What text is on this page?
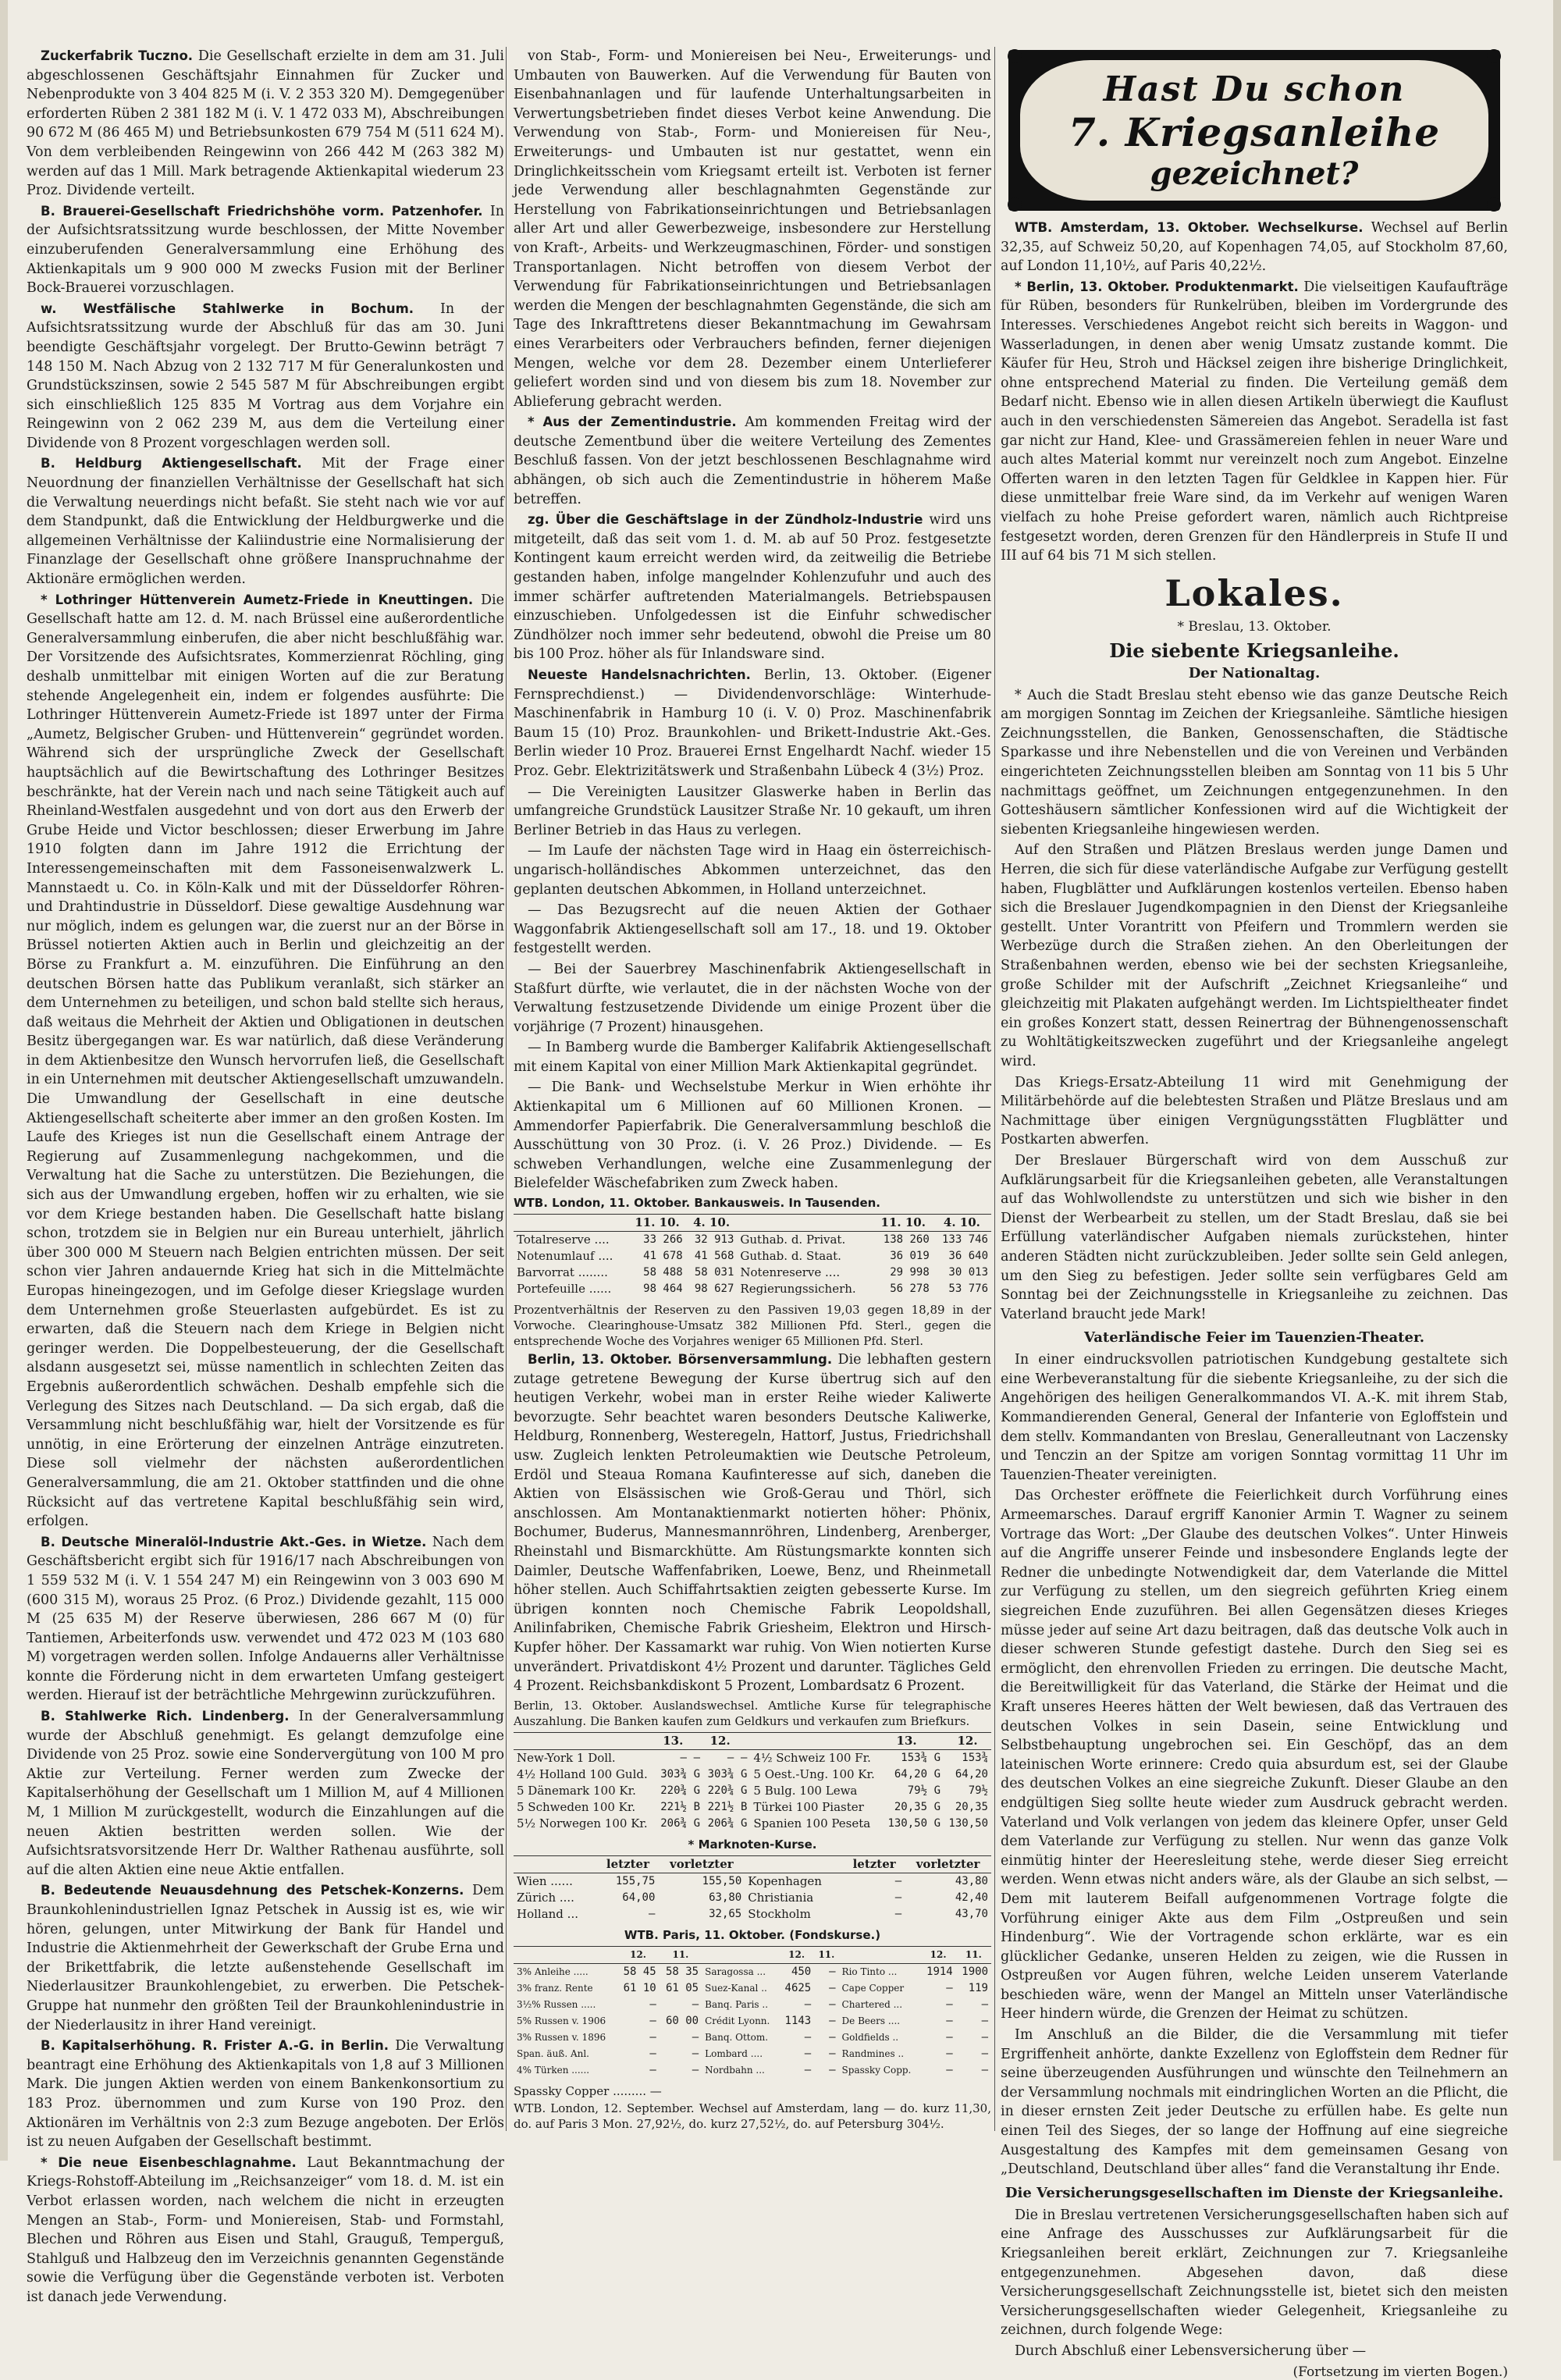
Zuckerfabrik Tuczno. Die Gesellschaft erzielte in dem am 31. Juli abgeschlossenen Geschäftsjahr Einnahmen für Zucker und Nebenprodukte von 3 404 825 M (i. V. 2 353 320 M). Demgegenüber erforderten Rüben 2 381 182 M (i. V. 1 472 033 M), Abschreibungen 90 672 M (86 465 M) und Betriebsunkosten 679 754 M (511 624 M). Von dem verbleibenden Reingewinn von 266 442 M (263 382 M) werden auf das 1 Mill. Mark betragende Aktienkapital wiederum 23 Proz. Dividende verteilt.

B. Brauerei-Gesellschaft Friedrichshöhe vorm. Patzenhofer. In der Aufsichtsratssitzung wurde beschlossen, der Mitte November einzuberufenden Generalversammlung eine Erhöhung des Aktienkapitals um 9 900 000 M zwecks Fusion mit der Berliner Bock-Brauerei vorzuschlagen.

w. Westfälische Stahlwerke in Bochum. In der Aufsichtsratssitzung wurde der Abschluß für das am 30. Juni beendigte Geschäftsjahr vorgelegt. Der Brutto-Gewinn beträgt 7 148 150 M. Nach Abzug von 2 132 717 M für Generalunkosten und Grundstückszinsen, sowie 2 545 587 M für Abschreibungen ergibt sich einschließlich 125 835 M Vortrag aus dem Vorjahre ein Reingewinn von 2 062 239 M, aus dem die Verteilung einer Dividende von 8 Prozent vorgeschlagen werden soll.

B. Heldburg Aktiengesellschaft. Mit der Frage einer Neuordnung der finanziellen Verhältnisse der Gesellschaft hat sich die Verwaltung neuerdings nicht befaßt. Sie steht nach wie vor auf dem Standpunkt, daß die Entwicklung der Heldburgwerke und die allgemeinen Verhältnisse der Kaliindustrie eine Normalisierung der Finanzlage der Gesellschaft ohne größere Inanspruchnahme der Aktionäre ermöglichen werden.

* Lothringer Hüttenverein Aumetz-Friede in Kneuttingen. Die Gesellschaft hatte am 12. d. M. nach Brüssel eine außerordentliche Generalversammlung einberufen, die aber nicht beschlußfähig war. Der Vorsitzende des Aufsichtsrates, Kommerzienrat Röchling, ging deshalb unmittelbar mit einigen Worten auf die zur Beratung stehende Angelegenheit ein, indem er folgendes ausführte: Die Lothringer Hüttenverein Aumetz-Friede ist 1897 unter der Firma „Aumetz, Belgischer Gruben- und Hüttenverein“ gegründet worden. Während sich der ursprüngliche Zweck der Gesellschaft hauptsächlich auf die Bewirtschaftung des Lothringer Besitzes beschränkte, hat der Verein nach und nach seine Tätigkeit auch auf Rheinland-Westfalen ausgedehnt und von dort aus den Erwerb der Grube Heide und Victor beschlossen; dieser Erwerbung im Jahre 1910 folgten dann im Jahre 1912 die Errichtung der Interessengemeinschaften mit dem Fassoneisenwalzwerk L. Mannstaedt u. Co. in Köln-Kalk und mit der Düsseldorfer Röhren- und Drahtindustrie in Düsseldorf. Diese gewaltige Ausdehnung war nur möglich, indem es gelungen war, die zuerst nur an der Börse in Brüssel notierten Aktien auch in Berlin und gleichzeitig an der Börse zu Frankfurt a. M. einzuführen. Die Einführung an den deutschen Börsen hatte das Publikum veranlaßt, sich stärker an dem Unternehmen zu beteiligen, und schon bald stellte sich heraus, daß weitaus die Mehrheit der Aktien und Obligationen in deutschen Besitz übergegangen war. Es war natürlich, daß diese Veränderung in dem Aktienbesitze den Wunsch hervorrufen ließ, die Gesellschaft in ein Unternehmen mit deutscher Aktiengesellschaft umzuwandeln. Die Umwandlung der Gesellschaft in eine deutsche Aktiengesellschaft scheiterte aber immer an den großen Kosten. Im Laufe des Krieges ist nun die Gesellschaft einem Antrage der Regierung auf Zusammenlegung nachgekommen, und die Verwaltung hat die Sache zu unterstützen. Die Beziehungen, die sich aus der Umwandlung ergeben, hoffen wir zu erhalten, wie sie vor dem Kriege bestanden haben. Die Gesellschaft hatte bislang schon, trotzdem sie in Belgien nur ein Bureau unterhielt, jährlich über 300 000 M Steuern nach Belgien entrichten müssen. Der seit schon vier Jahren andauernde Krieg hat sich in die Mittelmächte Europas hineingezogen, und im Gefolge dieser Kriegslage wurden dem Unternehmen große Steuerlasten aufgebürdet. Es ist zu erwarten, daß die Steuern nach dem Kriege in Belgien nicht geringer werden. Die Doppelbesteuerung, der die Gesellschaft alsdann ausgesetzt sei, müsse namentlich in schlechten Zeiten das Ergebnis außerordentlich schwächen. Deshalb empfehle sich die Verlegung des Sitzes nach Deutschland. — Da sich ergab, daß die Versammlung nicht beschlußfähig war, hielt der Vorsitzende es für unnötig, in eine Erörterung der einzelnen Anträge einzutreten. Diese soll vielmehr der nächsten außerordentlichen Generalversammlung, die am 21. Oktober stattfinden und die ohne Rücksicht auf das vertretene Kapital beschlußfähig sein wird, erfolgen.

B. Deutsche Mineralöl-Industrie Akt.-Ges. in Wietze. Nach dem Geschäftsbericht ergibt sich für 1916/17 nach Abschreibungen von 1 559 532 M (i. V. 1 554 247 M) ein Reingewinn von 3 003 690 M (600 315 M), woraus 25 Proz. (6 Proz.) Dividende gezahlt, 115 000 M (25 635 M) der Reserve überwiesen, 286 667 M (0) für Tantiemen, Arbeiterfonds usw. verwendet und 472 023 M (103 680 M) vorgetragen werden sollen. Infolge Andauerns aller Verhältnisse konnte die Förderung nicht in dem erwarteten Umfang gesteigert werden. Hierauf ist der beträchtliche Mehrgewinn zurückzuführen.

B. Stahlwerke Rich. Lindenberg. In der Generalversammlung wurde der Abschluß genehmigt. Es gelangt demzufolge eine Dividende von 25 Proz. sowie eine Sondervergütung von 100 M pro Aktie zur Verteilung. Ferner werden zum Zwecke der Kapitalserhöhung der Gesellschaft um 1 Million M, auf 4 Millionen M, 1 Million M zurückgestellt, wodurch die Einzahlungen auf die neuen Aktien bestritten werden sollen. Wie der Aufsichtsratsvorsitzende Herr Dr. Walther Rathenau ausführte, soll auf die alten Aktien eine neue Aktie entfallen.

B. Bedeutende Neuausdehnung des Petschek-Konzerns. Dem Braunkohlenindustriellen Ignaz Petschek in Aussig ist es, wie wir hören, gelungen, unter Mitwirkung der Bank für Handel und Industrie die Aktienmehrheit der Gewerkschaft der Grube Erna und der Brikettfabrik, die letzte außenstehende Gesellschaft im Niederlausitzer Braunkohlengebiet, zu erwerben. Die Petschek-Gruppe hat nunmehr den größten Teil der Braunkohlenindustrie in der Niederlausitz in ihrer Hand vereinigt.

B. Kapitalserhöhung. R. Frister A.-G. in Berlin. Die Verwaltung beantragt eine Erhöhung des Aktienkapitals von 1,8 auf 3 Millionen Mark. Die jungen Aktien werden von einem Bankenkonsortium zu 183 Proz. übernommen und zum Kurse von 190 Proz. den Aktionären im Verhältnis von 2:3 zum Bezuge angeboten. Der Erlös ist zu neuen Aufgaben der Gesellschaft bestimmt.

* Die neue Eisenbeschlagnahme. Laut Bekanntmachung der Kriegs-Rohstoff-Abteilung im „Reichsanzeiger“ vom 18. d. M. ist ein Verbot erlassen worden, nach welchem die nicht in erzeugten Mengen an Stab-, Form- und Moniereisen, Stab- und Formstahl, Blechen und Röhren aus Eisen und Stahl, Grauguß, Temperguß, Stahlguß und Halbzeug den im Verzeichnis genannten Gegenstände sowie die Verfügung über die Gegenstände verboten ist. Verboten ist danach jede Verwendung.

von Stab-, Form- und Moniereisen bei Neu-, Erweiterungs- und Umbauten von Bauwerken. Auf die Verwendung für Bauten von Eisenbahnanlagen und für laufende Unterhaltungsarbeiten in Verwertungsbetrieben findet dieses Verbot keine Anwendung. Die Verwendung von Stab-, Form- und Moniereisen für Neu-, Erweiterungs- und Umbauten ist nur gestattet, wenn ein Dringlichkeitsschein vom Kriegsamt erteilt ist. Verboten ist ferner jede Verwendung aller beschlagnahmten Gegenstände zur Herstellung von Fabrikationseinrichtungen und Betriebsanlagen aller Art und aller Gewerbezweige, insbesondere zur Herstellung von Kraft-, Arbeits- und Werkzeugmaschinen, Förder- und sonstigen Transportanlagen. Nicht betroffen von diesem Verbot der Verwendung für Fabrikationseinrichtungen und Betriebsanlagen werden die Mengen der beschlagnahmten Gegenstände, die sich am Tage des Inkrafttretens dieser Bekanntmachung im Gewahrsam eines Verarbeiters oder Verbrauchers befinden, ferner diejenigen Mengen, welche vor dem 28. Dezember einem Unterlieferer geliefert worden sind und von diesem bis zum 18. November zur Ablieferung gebracht werden.

* Aus der Zementindustrie. Am kommenden Freitag wird der deutsche Zementbund über die weitere Verteilung des Zementes Beschluß fassen. Von der jetzt beschlossenen Beschlagnahme wird abhängen, ob sich auch die Zementindustrie in höherem Maße betreffen.

zg. Über die Geschäftslage in der Zündholz-Industrie wird uns mitgeteilt, daß das seit vom 1. d. M. ab auf 50 Proz. festgesetzte Kontingent kaum erreicht werden wird, da zeitweilig die Betriebe gestanden haben, infolge mangelnder Kohlenzufuhr und auch des immer schärfer auftretenden Materialmangels. Betriebspausen einzuschieben. Unfolgedessen ist die Einfuhr schwedischer Zündhölzer noch immer sehr bedeutend, obwohl die Preise um 80 bis 100 Proz. höher als für Inlandsware sind.

Neueste Handelsnachrichten. Berlin, 13. Oktober. (Eigener Fernsprechdienst.) — Dividendenvorschläge: Winterhude-Maschinenfabrik in Hamburg 10 (i. V. 0) Proz. Maschinenfabrik Baum 15 (10) Proz. Braunkohlen- und Brikett-Industrie Akt.-Ges. Berlin wieder 10 Proz. Brauerei Ernst Engelhardt Nachf. wieder 15 Proz. Gebr. Elektrizitätswerk und Straßenbahn Lübeck 4 (3½) Proz.

— Die Vereinigten Lausitzer Glaswerke haben in Berlin das umfangreiche Grundstück Lausitzer Straße Nr. 10 gekauft, um ihren Berliner Betrieb in das Haus zu verlegen.

— Im Laufe der nächsten Tage wird in Haag ein österreichisch-ungarisch-holländisches Abkommen unterzeichnet, das den geplanten deutschen Abkommen, in Holland unterzeichnet.

— Das Bezugsrecht auf die neuen Aktien der Gothaer Waggonfabrik Aktiengesellschaft soll am 17., 18. und 19. Oktober festgestellt werden.

— Bei der Sauerbrey Maschinenfabrik Aktiengesellschaft in Staßfurt dürfte, wie verlautet, die in der nächsten Woche von der Verwaltung festzusetzende Dividende um einige Prozent über die vorjährige (7 Prozent) hinausgehen.

— In Bamberg wurde die Bamberger Kalifabrik Aktiengesellschaft mit einem Kapital von einer Million Mark Aktienkapital gegründet.

— Die Bank- und Wechselstube Merkur in Wien erhöhte ihr Aktienkapital um 6 Millionen auf 60 Millionen Kronen. — Ammendorfer Papierfabrik. Die Generalversammlung beschloß die Ausschüttung von 30 Proz. (i. V. 26 Proz.) Dividende. — Es schweben Verhandlungen, welche eine Zusammenlegung der Bielefelder Wäschefabriken zum Zweck haben.

WTB. London, 11. Oktober. Bankausweis. In Tausenden.

	11. 10.	4. 10.		11. 10.	4. 10.
Totalreserve ....	33 266	32 913	Guthab. d. Privat.	138 260	133 746
Notenumlauf ....	41 678	41 568	Guthab. d. Staat.	36 019	36 640
Barvorrat ........	58 488	58 031	Notenreserve ....	29 998	30 013
Portefeuille ......	98 464	98 627	Regierungssicherh.	56 278	53 776

Prozentverhältnis der Reserven zu den Passiven 19,03 gegen 18,89 in der Vorwoche. Clearinghouse-Umsatz 382 Millionen Pfd. Sterl., gegen die entsprechende Woche des Vorjahres weniger 65 Millionen Pfd. Sterl.

Berlin, 13. Oktober. Börsenversammlung. Die lebhaften gestern zutage getretene Bewegung der Kurse übertrug sich auf den heutigen Verkehr, wobei man in erster Reihe wieder Kaliwerte bevorzugte. Sehr beachtet waren besonders Deutsche Kaliwerke, Heldburg, Ronnenberg, Westeregeln, Hattorf, Justus, Friedrichshall usw. Zugleich lenkten Petroleumaktien wie Deutsche Petroleum, Erdöl und Steaua Romana Kaufinteresse auf sich, daneben die Aktien von Elsässischen wie Groß-Gerau und Thörl, sich anschlossen. Am Montanaktienmarkt notierten höher: Phönix, Bochumer, Buderus, Mannesmannröhren, Lindenberg, Arenberger, Rheinstahl und Bismarckhütte. Am Rüstungsmarkte konnten sich Daimler, Deutsche Waffenfabriken, Loewe, Benz, und Rheinmetall höher stellen. Auch Schiffahrtsaktien zeigten gebesserte Kurse. Im übrigen konnten noch Chemische Fabrik Leopoldshall, Anilinfabriken, Chemische Fabrik Griesheim, Elektron und Hirsch-Kupfer höher. Der Kassamarkt war ruhig. Von Wien notierten Kurse unverändert. Privatdiskont 4½ Prozent und darunter. Tägliches Geld 4 Prozent. Reichsbankdiskont 5 Prozent, Lombardsatz 6 Prozent.

Berlin, 13. Oktober. Auslandswechsel. Amtliche Kurse für telegraphische Auszahlung. Die Banken kaufen zum Geldkurs und verkaufen zum Briefkurs.

	13.		12.			13.		12.
New-York 1 Doll.	—	—	—	—	4½ Schweiz 100 Fr.	153¾	G	153¾
4½ Holland 100 Guld.	303¾	G	303¾	G	5 Oest.-Ung. 100 Kr.	64,20	G	64,20
5 Dänemark 100 Kr.	220¾	G	220¾	G	5 Bulg. 100 Lewa	79½	G	79½
5 Schweden 100 Kr.	221½	B	221½	B	Türkei 100 Piaster	20,35	G	20,35
5½ Norwegen 100 Kr.	206¾	G	206¾	G	Spanien 100 Peseta	130,50	G	130,50

* Marknoten-Kurse.

	letzter	vorletzter		letzter	vorletzter
Wien ......	155,75	155,50	Kopenhagen	—	43,80
Zürich ....	64,00	63,80	Christiania	—	42,40
Holland ...	—	32,65	Stockholm	—	43,70

WTB. Paris, 11. Oktober. (Fondskurse.)

	12.	11.		12.	11.		12.	11.
3% Anleihe .....	58 45	58 35	Saragossa ...	450	—	Rio Tinto ...	1914	1900
3% franz. Rente	61 10	61 05	Suez-Kanal ..	4625	—	Cape Copper	—	119
3½% Russen .....	—	—	Banq. Paris ..	—	—	Chartered ...	—	—
5% Russen v. 1906	—	60 00	Crédit Lyonn.	1143	—	De Beers ....	—	—
3% Russen v. 1896	—	—	Banq. Ottom.	—	—	Goldfields ..	—	—
Span. äuß. Anl.	—	—	Lombard ....	—	—	Randmines ..	—	—
4% Türken ......	—	—	Nordbahn ...	—	—	Spassky Copp.	—	—

Spassky Copper ......... —

WTB. London, 12. September. Wechsel auf Amsterdam, lang — do. kurz 11,30, do. auf Paris 3 Mon. 27,92½, do. kurz 27,52½, do. auf Petersburg 304½.

Hast Du schon
7. Kriegsanleihe
gezeichnet?

WTB. Amsterdam, 13. Oktober. Wechselkurse. Wechsel auf Berlin 32,35, auf Schweiz 50,20, auf Kopenhagen 74,05, auf Stockholm 87,60, auf London 11,10½, auf Paris 40,22½.

* Berlin, 13. Oktober. Produktenmarkt. Die vielseitigen Kaufaufträge für Rüben, besonders für Runkelrüben, bleiben im Vordergrunde des Interesses. Verschiedenes Angebot reicht sich bereits in Waggon- und Wasserladungen, in denen aber wenig Umsatz zustande kommt. Die Käufer für Heu, Stroh und Häcksel zeigen ihre bisherige Dringlichkeit, ohne entsprechend Material zu finden. Die Verteilung gemäß dem Bedarf nicht. Ebenso wie in allen diesen Artikeln überwiegt die Kauflust auch in den verschiedensten Sämereien das Angebot. Seradella ist fast gar nicht zur Hand, Klee- und Grassämereien fehlen in neuer Ware und auch altes Material kommt nur vereinzelt noch zum Angebot. Einzelne Offerten waren in den letzten Tagen für Geldklee in Kappen hier. Für diese unmittelbar freie Ware sind, da im Verkehr auf wenigen Waren vielfach zu hohe Preise gefordert waren, nämlich auch Richtpreise festgesetzt worden, deren Grenzen für den Händlerpreis in Stufe II und III auf 64 bis 71 M sich stellen.

Lokales.
* Breslau, 13. Oktober.
Die siebente Kriegsanleihe.
Der Nationaltag.

* Auch die Stadt Breslau steht ebenso wie das ganze Deutsche Reich am morgigen Sonntag im Zeichen der Kriegsanleihe. Sämtliche hiesigen Zeichnungsstellen, die Banken, Genossenschaften, die Städtische Sparkasse und ihre Nebenstellen und die von Vereinen und Verbänden eingerichteten Zeichnungsstellen bleiben am Sonntag von 11 bis 5 Uhr nachmittags geöffnet, um Zeichnungen entgegenzunehmen. In den Gotteshäusern sämtlicher Konfessionen wird auf die Wichtigkeit der siebenten Kriegsanleihe hingewiesen werden.

Auf den Straßen und Plätzen Breslaus werden junge Damen und Herren, die sich für diese vaterländische Aufgabe zur Verfügung gestellt haben, Flugblätter und Aufklärungen kostenlos verteilen. Ebenso haben sich die Breslauer Jugendkompagnien in den Dienst der Kriegsanleihe gestellt. Unter Vorantritt von Pfeifern und Trommlern werden sie Werbezüge durch die Straßen ziehen. An den Oberleitungen der Straßenbahnen werden, ebenso wie bei der sechsten Kriegsanleihe, große Schilder mit der Aufschrift „Zeichnet Kriegsanleihe“ und gleichzeitig mit Plakaten aufgehängt werden. Im Lichtspieltheater findet ein großes Konzert statt, dessen Reinertrag der Bühnengenossenschaft zu Wohltätigkeitszwecken zugeführt und der Kriegsanleihe angelegt wird.

Das Kriegs-Ersatz-Abteilung 11 wird mit Genehmigung der Militärbehörde auf die belebtesten Straßen und Plätze Breslaus und am Nachmittage über einigen Vergnügungsstätten Flugblätter und Postkarten abwerfen.

Der Breslauer Bürgerschaft wird von dem Ausschuß zur Aufklärungsarbeit für die Kriegsanleihen gebeten, alle Veranstaltungen auf das Wohlwollendste zu unterstützen und sich wie bisher in den Dienst der Werbearbeit zu stellen, um der Stadt Breslau, daß sie bei Erfüllung vaterländischer Aufgaben niemals zurückstehen, hinter anderen Städten nicht zurückzubleiben. Jeder sollte sein Geld anlegen, um den Sieg zu befestigen. Jeder sollte sein verfügbares Geld am Sonntag bei der Zeichnungsstelle in Kriegsanleihe zu zeichnen. Das Vaterland braucht jede Mark!

Vaterländische Feier im Tauenzien-Theater.

In einer eindrucksvollen patriotischen Kundgebung gestaltete sich eine Werbeveranstaltung für die siebente Kriegsanleihe, zu der sich die Angehörigen des heiligen Generalkommandos VI. A.-K. mit ihrem Stab, Kommandierenden General, General der Infanterie von Egloffstein und dem stellv. Kommandanten von Breslau, Generalleutnant von Laczensky und Tenczin an der Spitze am vorigen Sonntag vormittag 11 Uhr im Tauenzien-Theater vereinigten.

Das Orchester eröffnete die Feierlichkeit durch Vorführung eines Armeemarsches. Darauf ergriff Kanonier Armin T. Wagner zu seinem Vortrage das Wort: „Der Glaube des deutschen Volkes“. Unter Hinweis auf die Angriffe unserer Feinde und insbesondere Englands legte der Redner die unbedingte Notwendigkeit dar, dem Vaterlande die Mittel zur Verfügung zu stellen, um den siegreich geführten Krieg einem siegreichen Ende zuzuführen. Bei allen Gegensätzen dieses Krieges müsse jeder auf seine Art dazu beitragen, daß das deutsche Volk auch in dieser schweren Stunde gefestigt dastehe. Durch den Sieg sei es ermöglicht, den ehrenvollen Frieden zu erringen. Die deutsche Macht, die Bereitwilligkeit für das Vaterland, die Stärke der Heimat und die Kraft unseres Heeres hätten der Welt bewiesen, daß das Vertrauen des deutschen Volkes in sein Dasein, seine Entwicklung und Selbstbehauptung ungebrochen sei. Ein Geschöpf, das an dem lateinischen Worte erinnere: Credo quia absurdum est, sei der Glaube des deutschen Volkes an eine siegreiche Zukunft. Dieser Glaube an den endgültigen Sieg sollte heute wieder zum Ausdruck gebracht werden. Vaterland und Volk verlangen von jedem das kleinere Opfer, unser Geld dem Vaterlande zur Verfügung zu stellen. Nur wenn das ganze Volk einmütig hinter der Heeresleitung stehe, werde dieser Sieg erreicht werden. Wenn etwas nicht anders wäre, als der Glaube an sich selbst, — Dem mit lauterem Beifall aufgenommenen Vortrage folgte die Vorführung einiger Akte aus dem Film „Ostpreußen und sein Hindenburg“. Wie der Vortragende schon erklärte, war es ein glücklicher Gedanke, unseren Helden zu zeigen, wie die Russen in Ostpreußen vor Augen führen, welche Leiden unserem Vaterlande beschieden wäre, wenn der Mangel an Mitteln unser Vaterländische Heer hindern würde, die Grenzen der Heimat zu schützen.

Im Anschluß an die Bilder, die die Versammlung mit tiefer Ergriffenheit anhörte, dankte Exzellenz von Egloffstein dem Redner für seine überzeugenden Ausführungen und wünschte den Teilnehmern an der Versammlung nochmals mit eindringlichen Worten an die Pflicht, die in dieser ernsten Zeit jeder Deutsche zu erfüllen habe. Es gelte nun einen Teil des Sieges, der so lange der Hoffnung auf eine siegreiche Ausgestaltung des Kampfes mit dem gemeinsamen Gesang von „Deutschland, Deutschland über alles“ fand die Veranstaltung ihr Ende.

Die Versicherungsgesellschaften im Dienste der Kriegsanleihe.

Die in Breslau vertretenen Versicherungsgesellschaften haben sich auf eine Anfrage des Ausschusses zur Aufklärungsarbeit für die Kriegsanleihen bereit erklärt, Zeichnungen zur 7. Kriegsanleihe entgegenzunehmen. Abgesehen davon, daß diese Versicherungsgesellschaft Zeichnungsstelle ist, bietet sich den meisten Versicherungsgesellschaften wieder Gelegenheit, Kriegsanleihe zu zeichnen, durch folgende Wege:

Durch Abschluß einer Lebensversicherung über —

(Fortsetzung im vierten Bogen.)
